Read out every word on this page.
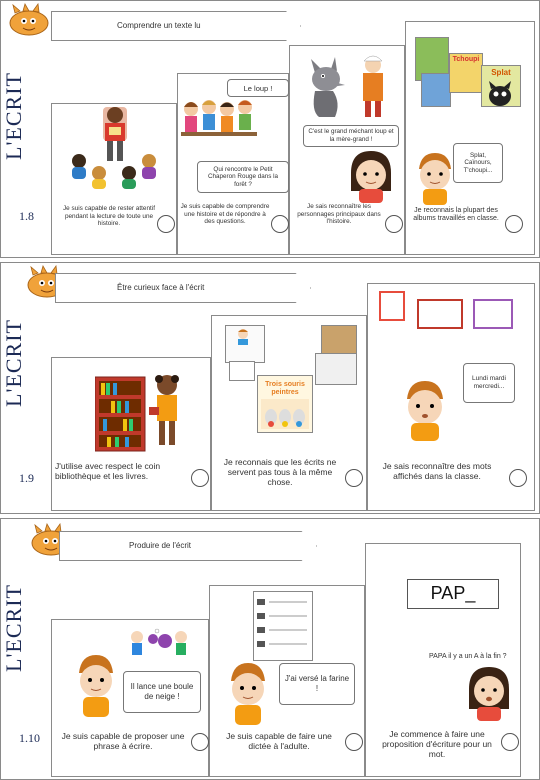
L'ECRIT
1.8
Comprendre un texte lu
Je suis capable de rester attentif pendant la lecture de toute une histoire.
Le loup !
Qui rencontre le Petit Chaperon Rouge dans la forêt ?
Je suis capable de comprendre une histoire et de répondre à des questions.
C'est le grand méchant loup et la mère-grand !
Je sais reconnaître les personnages principaux dans l'histoire.
Tchoupi
Splat
Splat, Caïnours, T'choupi...
Je reconnais la plupart des albums travaillés en classe.
L'ECRIT
1.9
Être curieux face à l'écrit
J'utilise avec respect le coin bibliothèque et les livres.
Trois souris peintres
Je reconnais que les écrits ne servent pas tous à la même chose.
Lundi mardi mercredi...
Je sais reconnaître des mots affichés dans la classe.
L'ECRIT
1.10
Produire de l'écrit
Il lance une boule de neige !
Je suis capable de proposer une phrase à écrire.
J'ai versé la farine !
Je suis capable de faire une dictée à l'adulte.
PAP_
PAPA il y a un A à la fin ?
Je commence à faire une proposition d'écriture pour un mot.
